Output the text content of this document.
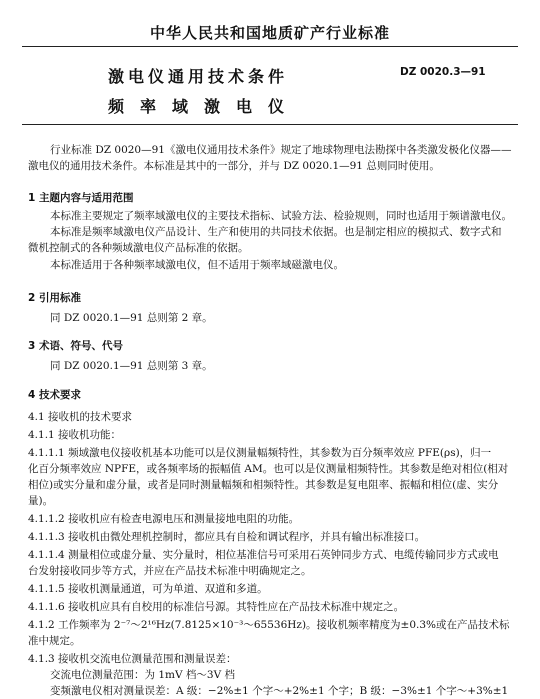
中华人民共和国地质矿产行业标准
激电仪通用技术条件	DZ 0020.3—91
频率域激电仪
行业标准 DZ 0020—91《激电仪通用技术条件》规定了地球物理电法勘探中各类激发极化仪器——
激电仪的通用技术条件。本标准是其中的一部分，并与 DZ 0020.1—91 总则同时使用。
1 主题内容与适用范围
本标准主要规定了频率域激电仪的主要技术指标、试验方法、检验规则，同时也适用于频谱激电仪。
本标准是频率域激电仪产品设计、生产和使用的共同技术依据。也是制定相应的模拟式、数字式和
微机控制式的各种频域激电仪产品标准的依据。
本标准适用于各种频率域激电仪，但不适用于频率域磁激电仪。
2 引用标准
同 DZ 0020.1—91 总则第 2 章。
3 术语、符号、代号
同 DZ 0020.1—91 总则第 3 章。
4 技术要求
4.1 接收机的技术要求
4.1.1 接收机功能：
4.1.1.1 频域激电仪接收机基本功能可以是仪测量幅频特性，其参数为百分频率效应 PFE(ρs)，归一
化百分频率效应 NPFE，或各频率场的振幅值 AM。也可以是仪测量相频特性。其参数是绝对相位(相对
相位)或实分量和虚分量，或者是同时测量幅频和相频特性。其参数是复电阻率、振幅和相位(虚、实分
量)。
4.1.1.2 接收机应有检查电源电压和测量接地电阻的功能。
4.1.1.3 接收机由微处理机控制时，都应具有自检和调试程序，并具有输出标准接口。
4.1.1.4 测量相位或虚分量、实分量时，相位基准信号可采用石英钟同步方式、电缆传输同步方式或电
台发射接收同步等方式，并应在产品技术标准中明确规定之。
4.1.1.5 接收机测量通道，可为单道、双道和多道。
4.1.1.6 接收机应具有自校用的标准信号源。其特性应在产品技术标准中规定之。
4.1.2 工作频率为 2⁻⁷～2¹⁶Hz(7.8125×10⁻³～65536Hz)。接收机频率精度为±0.3%或在产品技术标
准中规定。
4.1.3 接收机交流电位测量范围和测量误差：
交流电位测量范围：为 1mV 档～3V 档
变频激电仪相对测量误差：A 级：−2%±1 个字～+2%±1 个字；B 级：−3%±1 个字～+3%±1
